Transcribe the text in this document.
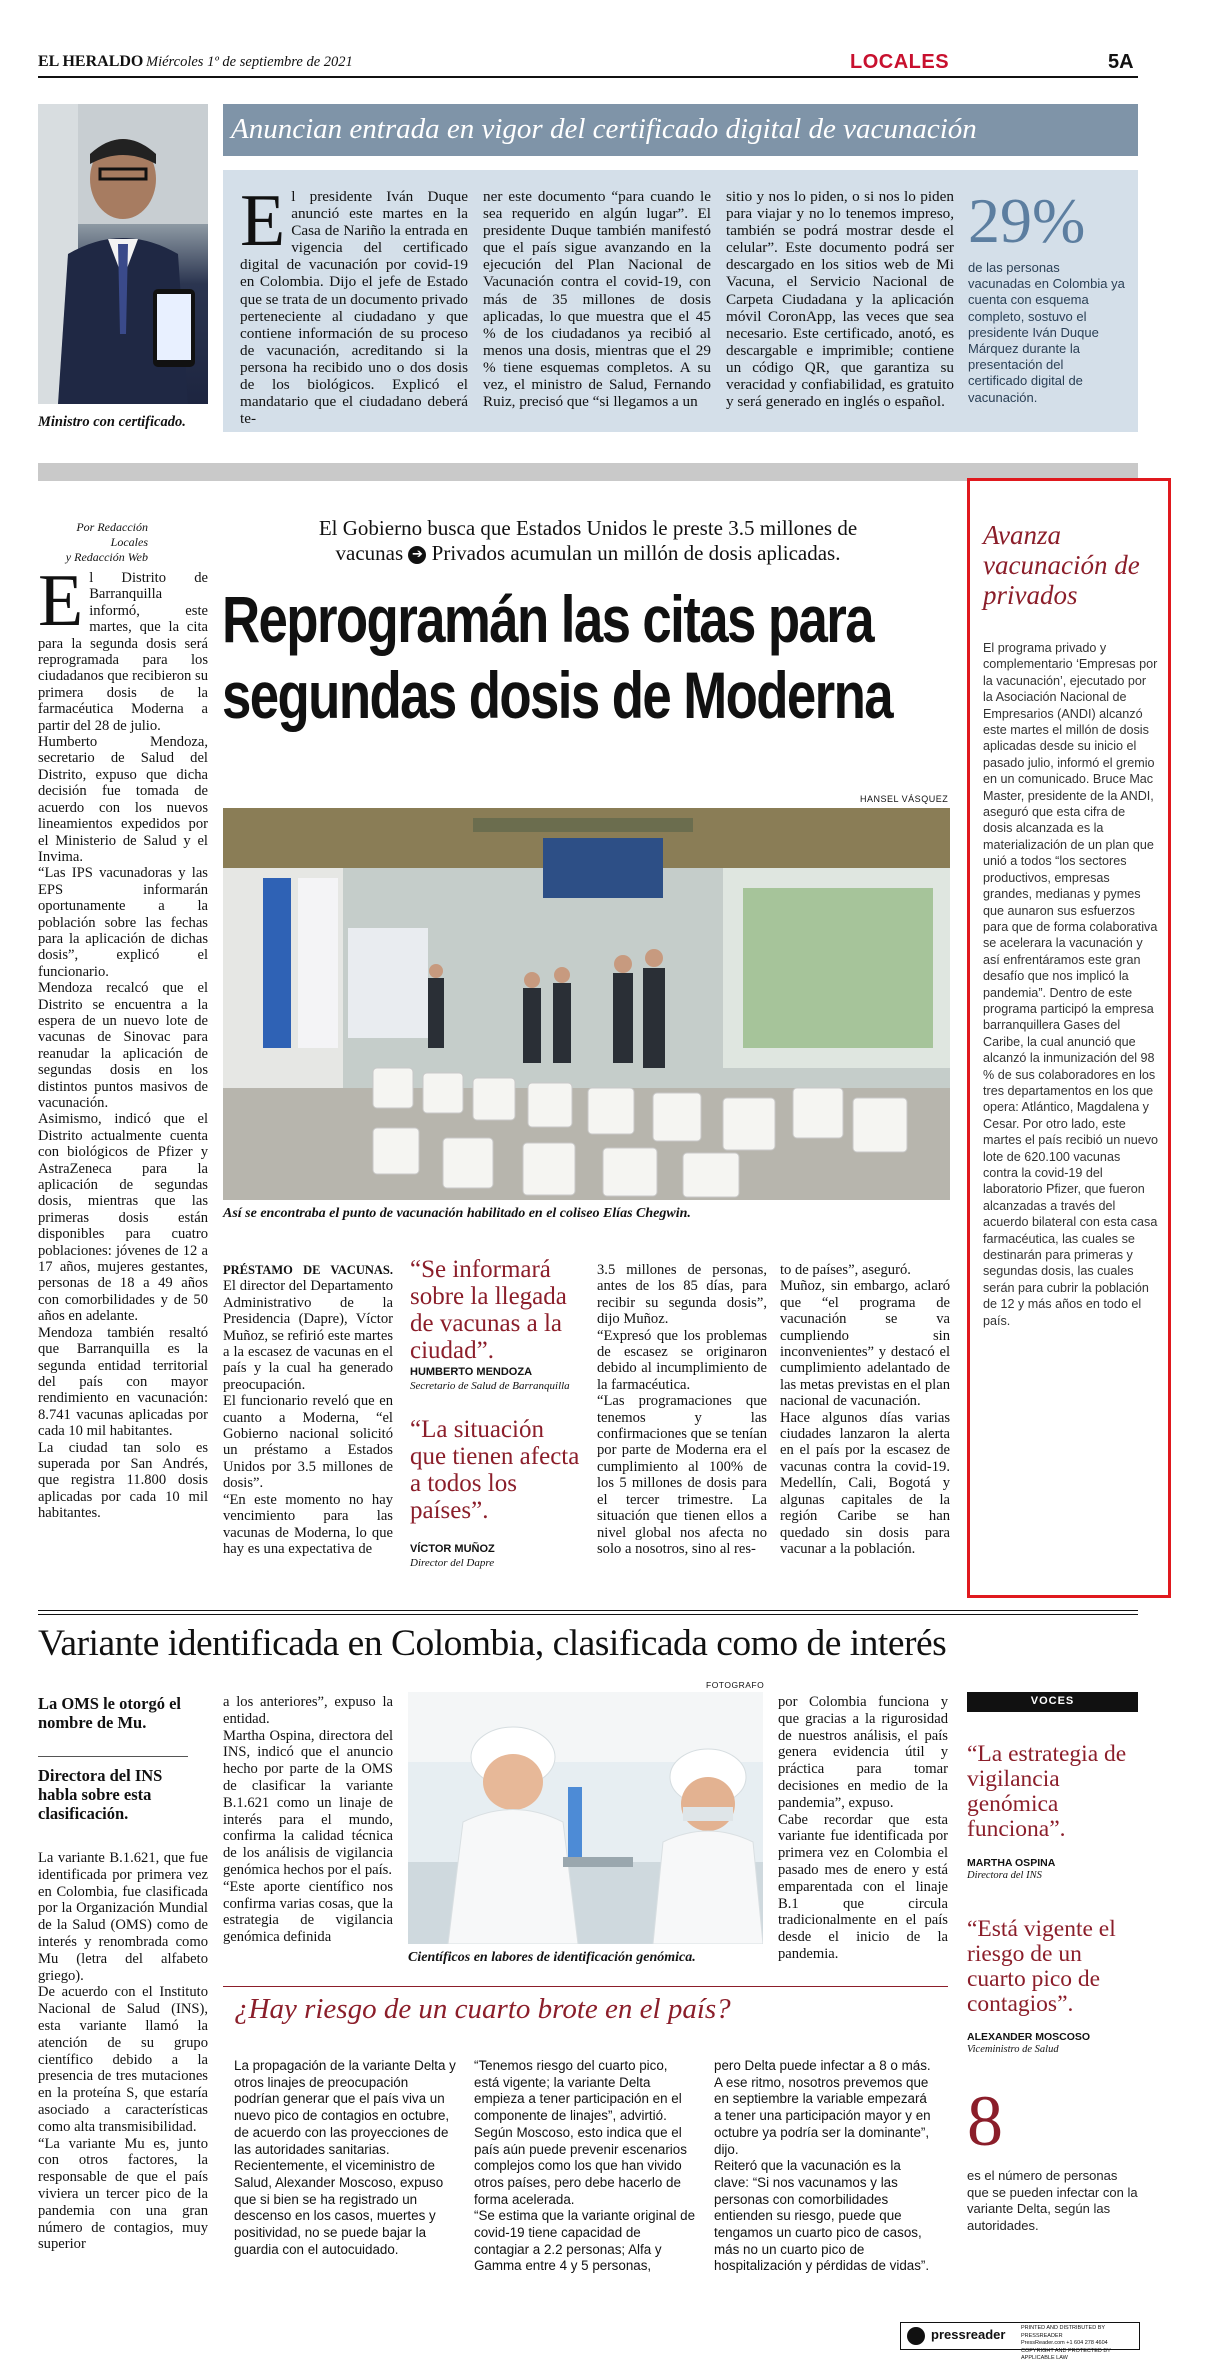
EL HERALDO Miércoles 1º de septiembre de 2021	LOCALES	5A
Ministro con certificado.
Anuncian entrada en vigor del certificado digital de vacunación
El presidente Iván Duque anunció este martes en la Casa de Nariño la entrada en vigencia del certificado digital de vacunación por covid-19 en Colombia. Dijo el jefe de Estado que se trata de un documento privado perteneciente al ciudadano y que contiene información de su proceso de vacunación, acreditando si la persona ha recibido uno o dos dosis de los biológicos. Explicó el mandatario que el ciudadano deberá te-
ner este documento “para cuando le sea requerido en algún lugar”. El presidente Duque también manifestó que el país sigue avanzando en la ejecución del Plan Nacional de Vacunación contra el covid-19, con más de 35 millones de dosis aplicadas, lo que muestra que el 45 % de los ciudadanos ya recibió al menos una dosis, mientras que el 29 % tiene esquemas completos. A su vez, el ministro de Salud, Fernando Ruiz, precisó que “si llegamos a un
sitio y nos lo piden, o si nos lo piden para viajar y no lo tenemos impreso, también se podrá mostrar desde el celular”. Este documento podrá ser descargado en los sitios web de Mi Vacuna, el Servicio Nacional de Carpeta Ciudadana y la aplicación móvil CoronApp, las veces que sea necesario. Este certificado, anotó, es descargable e imprimible; contiene un código QR, que garantiza su veracidad y confiabilidad, es gratuito y será generado en inglés o español.
29%
de las personas vacunadas en Colombia ya cuenta con esquema completo, sostuvo el presidente Iván Duque Márquez durante la presentación del certificado digital de vacunación.
Por Redacción Locales
y Redacción Web
El Gobierno busca que Estados Unidos le preste 3.5 millones de
vacunas ➔ Privados acumulan un millón de dosis aplicadas.
Reprogramán las citas para
segundas dosis de Moderna
HANSEL VÁSQUEZ
Así se encontraba el punto de vacunación habilitado en el coliseo Elías Chegwin.
El Distrito de Barranquilla informó, este martes, que la cita para la segunda dosis será reprogramada para los ciudadanos que recibieron su primera dosis de la farmacéutica Moderna a partir del 28 de julio.
Humberto Mendoza, secretario de Salud del Distrito, expuso que dicha decisión fue tomada de acuerdo con los nuevos lineamientos expedidos por el Ministerio de Salud y el Invima.
“Las IPS vacunadoras y las EPS informarán oportunamente a la población sobre las fechas para la aplicación de dichas dosis”, explicó el funcionario.
Mendoza recalcó que el Distrito se encuentra a la espera de un nuevo lote de vacunas de Sinovac para reanudar la aplicación de segundas dosis en los distintos puntos masivos de vacunación.
Asimismo, indicó que el Distrito actualmente cuenta con biológicos de Pfizer y AstraZeneca para la aplicación de segundas dosis, mientras que las primeras dosis están disponibles para cuatro poblaciones: jóvenes de 12 a 17 años, mujeres gestantes, personas de 18 a 49 años con comorbilidades y de 50 años en adelante.
Mendoza también resaltó que Barranquilla es la segunda entidad territorial del país con mayor rendimiento en vacunación: 8.741 vacunas aplicadas por cada 10 mil habitantes.
La ciudad tan solo es superada por San Andrés, que registra 11.800 dosis aplicadas por cada 10 mil habitantes.
PRÉSTAMO DE VACUNAS. El director del Departamento Administrativo de la Presidencia (Dapre), Víctor Muñoz, se refirió este martes a la escasez de vacunas en el país y la cual ha generado preocupación.
El funcionario reveló que en cuanto a Moderna, “el Gobierno nacional solicitó un préstamo a Estados Unidos por 3.5 millones de dosis”.
“En este momento no hay vencimiento para las vacunas de Moderna, lo que hay es una expectativa de
“Se informará sobre la llegada de vacunas a la ciudad”.
HUMBERTO MENDOZA
Secretario de Salud de Barranquilla
“La situación que tienen afecta a todos los países”.
VÍCTOR MUÑOZ
Director del Dapre
3.5 millones de personas, antes de los 85 días, para recibir su segunda dosis”, dijo Muñoz.
“Expresó que los problemas de escasez se originaron debido al incumplimiento de la farmacéutica.
“Las programaciones que tenemos y las confirmaciones que se tenían por parte de Moderna era el cumplimiento al 100% de los 5 millones de dosis para el tercer trimestre. La situación que tienen ellos a nivel global nos afecta no solo a nosotros, sino al res-
to de países”, aseguró.
Muñoz, sin embargo, aclaró que “el programa de vacunación se va cumpliendo sin inconvenientes” y destacó el cumplimiento adelantado de las metas previstas en el plan nacional de vacunación.
Hace algunos días varias ciudades lanzaron la alerta en el país por la escasez de vacunas contra la covid-19. Medellín, Cali, Bogotá y algunas capitales de la región Caribe se han quedado sin dosis para vacunar a la población.
Avanza vacunación de privados
El programa privado y complementario ‘Empresas por la vacunación’, ejecutado por la Asociación Nacional de Empresarios (ANDI) alcanzó este martes el millón de dosis aplicadas desde su inicio el pasado julio, informó el gremio en un comunicado. Bruce Mac Master, presidente de la ANDI, aseguró que esta cifra de dosis alcanzada es la materialización de un plan que unió a todos “los sectores productivos, empresas grandes, medianas y pymes que aunaron sus esfuerzos para que de forma colaborativa se acelerara la vacunación y así enfrentáramos este gran desafío que nos implicó la pandemia”. Dentro de este programa participó la empresa barranquillera Gases del Caribe, la cual anunció que alcanzó la inmunización del 98 % de sus colaboradores en los tres departamentos en los que opera: Atlántico, Magdalena y Cesar. Por otro lado, este martes el país recibió un nuevo lote de 620.100 vacunas contra la covid-19 del laboratorio Pfizer, que fueron alcanzadas a través del acuerdo bilateral con esta casa farmacéutica, las cuales se destinarán para primeras y segundas dosis, las cuales serán para cubrir la población de 12 y más años en todo el país.
Variante identificada en Colombia, clasificada como de interés
La OMS le otorgó el nombre de Mu.
Directora del INS habla sobre esta clasificación.
La variante B.1.621, que fue identificada por primera vez en Colombia, fue clasificada por la Organización Mundial de la Salud (OMS) como de interés y renombrada como Mu (letra del alfabeto griego).
De acuerdo con el Instituto Nacional de Salud (INS), esta variante llamó la atención de su grupo científico debido a la presencia de tres mutaciones en la proteína S, que estaría asociado a características como alta transmisibilidad.
“La variante Mu es, junto con otros factores, la responsable de que el país viviera un tercer pico de la pandemia con una gran número de contagios, muy superior
a los anteriores”, expuso la entidad.
Martha Ospina, directora del INS, indicó que el anuncio hecho por parte de la OMS de clasificar la variante B.1.621 como un linaje de interés para el mundo, confirma la calidad técnica de los análisis de vigilancia genómica hechos por el país.
“Este aporte científico nos confirma varias cosas, que la estrategia de vigilancia genómica definida
FOTOGRAFO
Científicos en labores de identificación genómica.
por Colombia funciona y que gracias a la rigurosidad de nuestros análisis, el país genera evidencia útil y práctica para tomar decisiones en medio de la pandemia”, expuso.
Cabe recordar que esta variante fue identificada por primera vez en Colombia el pasado mes de enero y está emparentada con el linaje B.1 que circula tradicionalmente en el país desde el inicio de la pandemia.
VOCES
“La estrategia de vigilancia genómica funciona”.
MARTHA OSPINA
Directora del INS
“Está vigente el riesgo de un cuarto pico de contagios”.
ALEXANDER MOSCOSO
Viceministro de Salud
¿Hay riesgo de un cuarto brote en el país?
La propagación de la variante Delta y otros linajes de preocupación podrían generar que el país viva un nuevo pico de contagios en octubre, de acuerdo con las proyecciones de las autoridades sanitarias.
Recientemente, el viceministro de Salud, Alexander Moscoso, expuso que si bien se ha registrado un descenso en los casos, muertes y positividad, no se puede bajar la guardia con el autocuidado.
“Tenemos riesgo del cuarto pico, está vigente; la variante Delta empieza a tener participación en el componente de linajes”, advirtió.
Según Moscoso, esto indica que el país aún puede prevenir escenarios complejos como los que han vivido otros países, pero debe hacerlo de forma acelerada.
“Se estima que la variante original de covid-19 tiene capacidad de contagiar a 2.2 personas; Alfa y Gamma entre 4 y 5 personas,
pero Delta puede infectar a 8 o más. A ese ritmo, nosotros prevemos que en septiembre la variable empezará a tener una participación mayor y en octubre ya podría ser la dominante”, dijo.
Reiteró que la vacunación es la clave: “Si nos vacunamos y las personas con comorbilidades entienden su riesgo, puede que tengamos un cuarto pico de casos, más no un cuarto pico de hospitalización y pérdidas de vidas”.
8
es el número de personas que se pueden infectar con la variante Delta, según las autoridades.
pressreader	PRINTED AND DISTRIBUTED BY PRESSREADER
PressReader.com +1 604 278 4604
COPYRIGHT AND PROTECTED BY APPLICABLE LAW
